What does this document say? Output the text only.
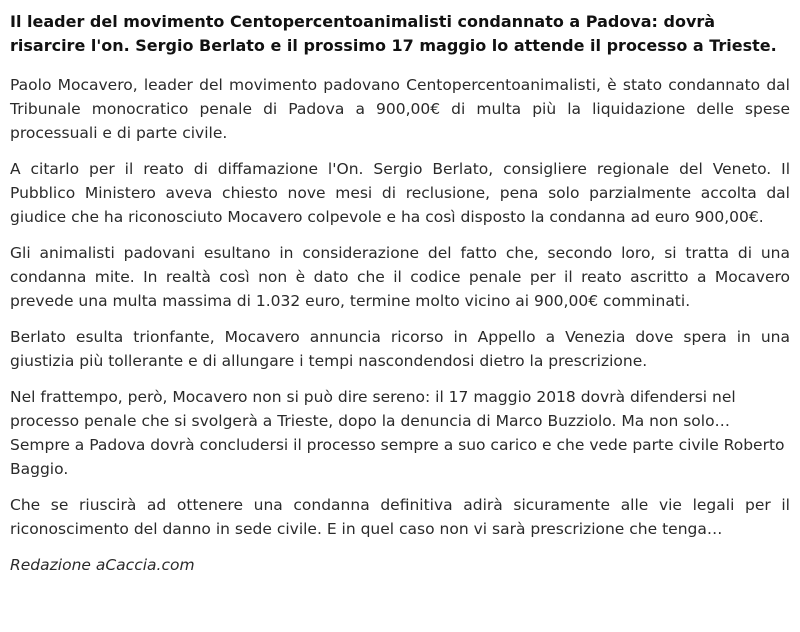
Il leader del movimento Centopercentoanimalisti condannato a Padova: dovrà risarcire l'on. Sergio Berlato e il prossimo 17 maggio lo attende il processo a Trieste.

Paolo Mocavero, leader del movimento padovano Centopercentoanimalisti, è stato condannato dal Tribunale monocratico penale di Padova a 900,00€ di multa più la liquidazione delle spese processuali e di parte civile.

A citarlo per il reato di diffamazione l'On. Sergio Berlato, consigliere regionale del Veneto. Il Pubblico Ministero aveva chiesto nove mesi di reclusione, pena solo parzialmente accolta dal giudice che ha riconosciuto Mocavero colpevole e ha così disposto la condanna ad euro 900,00€.

Gli animalisti padovani esultano in considerazione del fatto che, secondo loro, si tratta di una condanna mite. In realtà così non è dato che il codice penale per il reato ascritto a Mocavero prevede una multa massima di 1.032 euro, termine molto vicino ai 900,00€ comminati.

Berlato esulta trionfante, Mocavero annuncia ricorso in Appello a Venezia dove spera in una giustizia più tollerante e di allungare i tempi nascondendosi dietro la prescrizione.

Nel frattempo, però, Mocavero non si può dire sereno: il 17 maggio 2018 dovrà difendersi nel processo penale che si svolgerà a Trieste, dopo la denuncia di Marco Buzziolo. Ma non solo… Sempre a Padova dovrà concludersi il processo sempre a suo carico e che vede parte civile Roberto Baggio.

Che se riuscirà ad ottenere una condanna definitiva adirà sicuramente alle vie legali per il riconoscimento del danno in sede civile. E in quel caso non vi sarà prescrizione che tenga…

Redazione aCaccia.com
